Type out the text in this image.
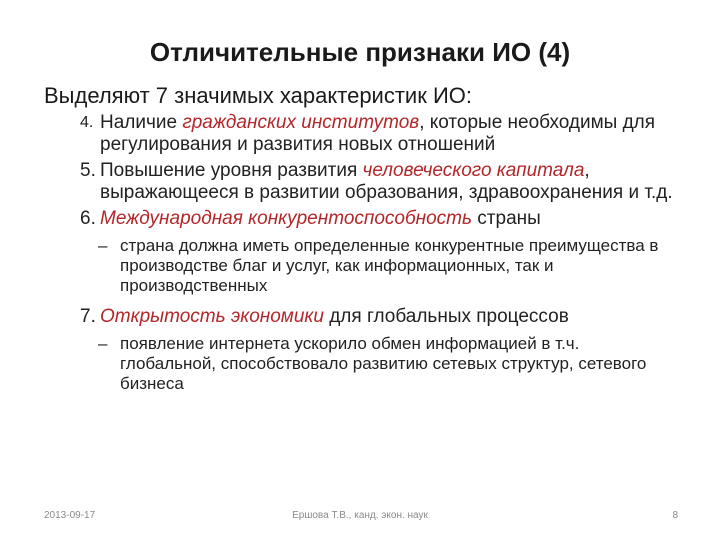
Отличительные признаки ИО (4)
Выделяют 7 значимых характеристик ИО:
4. Наличие гражданских институтов, которые необходимы для регулирования и развития новых отношений
5. Повышение уровня развития человеческого капитала, выражающееся в развитии образования, здравоохранения и т.д.
6. Международная конкурентоспособность страны
– страна должна иметь определенные конкурентные преимущества в производстве благ и услуг, как информационных, так и производственных
7. Открытость экономики для глобальных процессов
– появление интернета ускорило обмен информацией в т.ч. глобальной, способствовало развитию сетевых структур, сетевого бизнеса
2013-09-17	Ершова Т.В., канд. экон. наук	8
